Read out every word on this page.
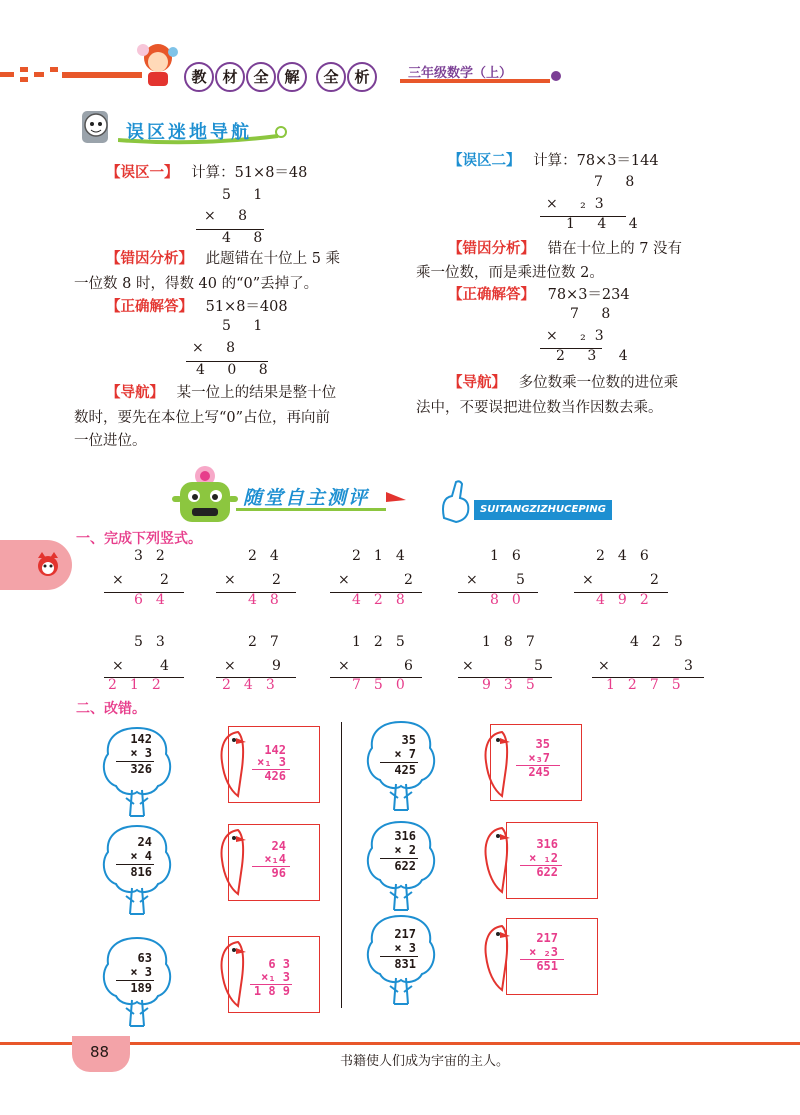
教	材	全	解	全	析	三年级数学（上）
误区迷地导航
【误区一】 计算：51×8＝48
5 1
× 8
4 8
【错因分析】 此题错在十位上 5 乘
一位数 8 时，得数 40 的“0”丢掉了。
【正确解答】 51×8＝408
5 1
× 8
4 0 8
【导航】 某一位上的结果是整十位
数时，要先在本位上写“0”占位，再向前
一位进位。
【误区二】 计算：78×3＝144
7 8
× ₂3
1 4 4
【错因分析】 错在十位上的 7 没有
乘一位数，而是乘进位数 2。
【正确解答】 78×3＝234
7 8
× ₂3
2 3 4
【导航】 多位数乘一位数的进位乘
法中，不要误把进位数当作因数去乘。
随堂自主测评
SUITANGZIZHUCEPING
一、完成下列竖式。
32
× 2
64
24
× 2
48
214
×	2
428
16
× 5
80
246
×	2
492
53
× 4
212
27
× 9
243
125
×	6
750
187
×	5
935
425
×	3
1275
二、改错。
142
× 3
326
142
×₁ 3
426
24
× 4
816
24
×₁4
96
63
× 3
189
6 3
×₁ 3
1 8 9
35
× 7
425
35
×₃7
245
316
× 2
622
316
× ₁2
622
217
× 3
831
217
× ₂3
651
88
书籍使人们成为宇宙的主人。
